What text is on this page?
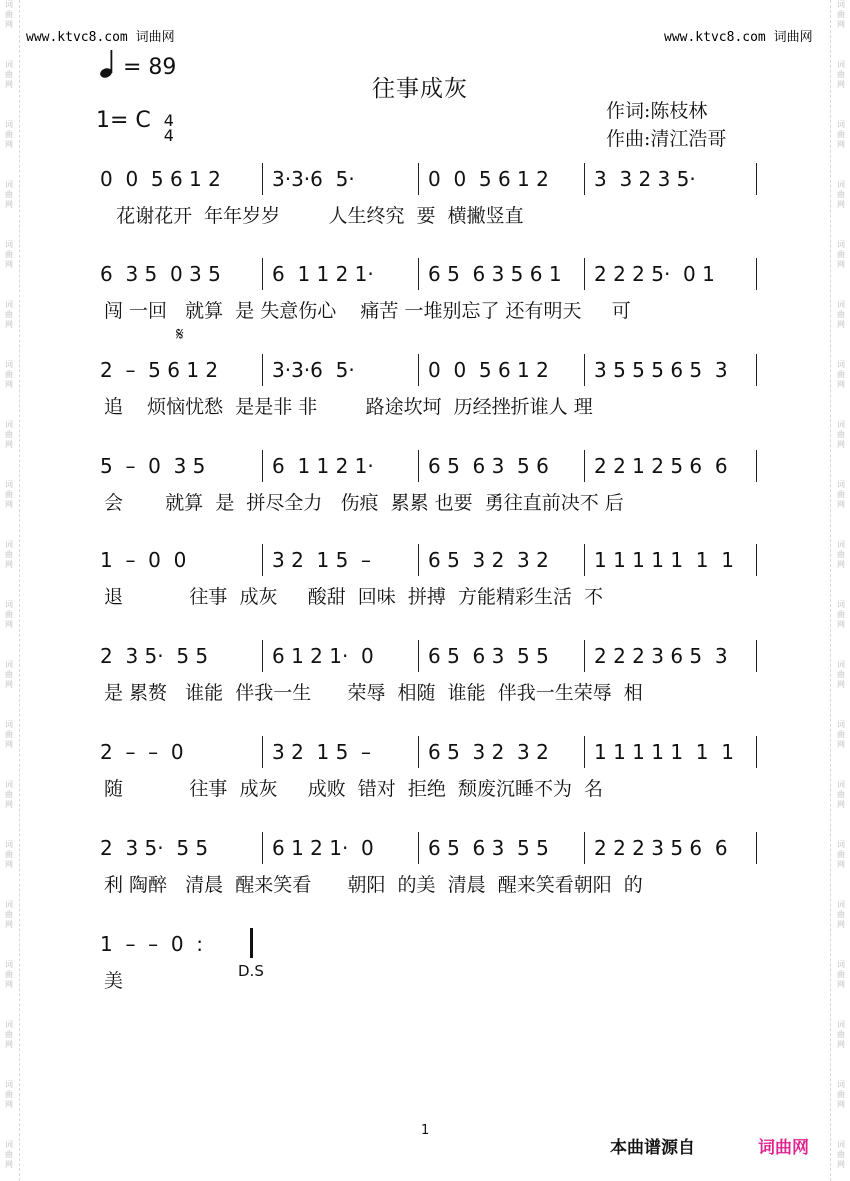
词
曲
网
词
曲
网
词
曲
网
词
曲
网
词
曲
网
词
曲
网
词
曲
网
词
曲
网
词
曲
网
词
曲
网
词
曲
网
词
曲
网
词
曲
网
词
曲
网
词
曲
网
词
曲
网
词
曲
网
词
曲
网
词
曲
网
词
曲
网
词
曲
网
词
曲
网
词
曲
网
词
曲
网
词
曲
网
词
曲
网
词
曲
网
词
曲
网
词
曲
网
词
曲
网
词
曲
网
词
曲
网
词
曲
网
词
曲
网
词
曲
网
词
曲
网
词
曲
网
词
曲
网
词
曲
网
词
曲
网
www.ktvc8.com 词曲网	www.ktvc8.com 词曲网
= 89
往事成灰
1= C 4
4
作词:陈枝林
作曲:清江浩哥
0  0  5 6 1 2	3·3·6  5·	0  0  5 6 1 2 3  3 2 3 5·
花谢花开  年年岁岁        人生终究  要  横撇竖直
6  3 5  0 3 5	6  1 1 2 1·	6 5  6 3 5 6 1 2 2 2 5·  0 1
闯 一回   就算  是 失意伤心    痛苦 一堆别忘了 还有明天     可
2  –  5 6 1 2	3·3·6  5·	0  0  5 6 1 2 3 5 5 5 6 5  3
追    烦恼忧愁  是是非 非        路途坎坷  历经挫折谁人 理
𝄋
5  –  0  3 5	6  1 1 2 1·	6 5  6 3  5 6 2 2 1 2 5 6  6
会       就算  是  拼尽全力   伤痕  累累 也要  勇往直前决不 后
1  –  0  0	3 2  1 5  –	6 5  3 2  3 2 1 1 1 1 1  1  1
退           往事  成灰     酸甜  回味  拼搏  方能精彩生活  不
2  3 5·  5 5	6 1 2 1·  0	6 5  6 3  5 5 2 2 2 3 6 5  3
是 累赘   谁能  伴我一生      荣辱  相随  谁能  伴我一生荣辱  相
2  –  –  0	3 2  1 5  –	6 5  3 2  3 2 1 1 1 1 1  1  1
随           往事  成灰     成败  错对  拒绝  颓废沉睡不为  名
2  3 5·  5 5	6 1 2 1·  0	6 5  6 3  5 5 2 2 2 3 5 6  6
利 陶醉   清晨  醒来笑看      朝阳  的美  清晨  醒来笑看朝阳  的
1  –  –  0  :
D.S
美
1
本曲谱源自	词曲网
